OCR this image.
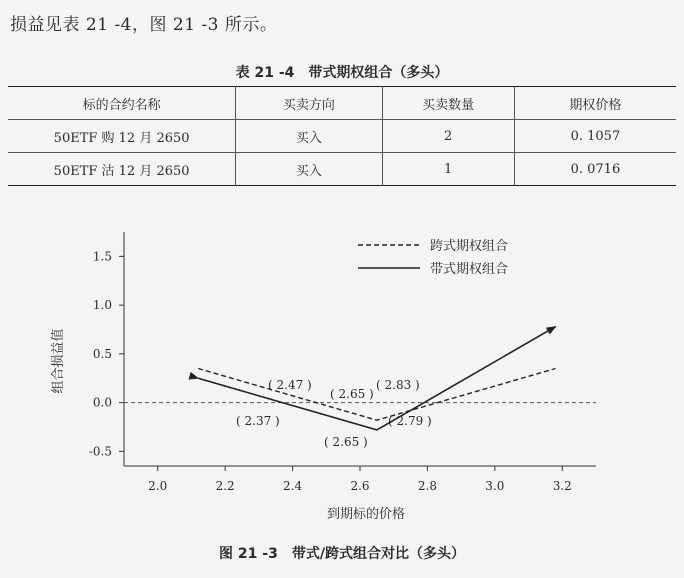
损益见表 21 -4，图 21 -3 所示。
表 21 -4　带式期权组合（多头）
标的合约名称	买卖方向	买卖数量	期权价格
50ETF 购 12 月 2650	买入	2	0. 1057
50ETF 沽 12 月 2650	买入	1	0. 0716
2.0	2.2	2.4	2.6	2.8	3.0	3.2
-0.5
0.0
0.5
1.0
1.5
到期标的价格
组合损益值
跨式期权组合
带式期权组合
( 2.47 )
( 2.37 )
( 2.65 )
( 2.65 )
( 2.83 )
( 2.79 )
图 21 -3　带式/跨式组合对比（多头）
